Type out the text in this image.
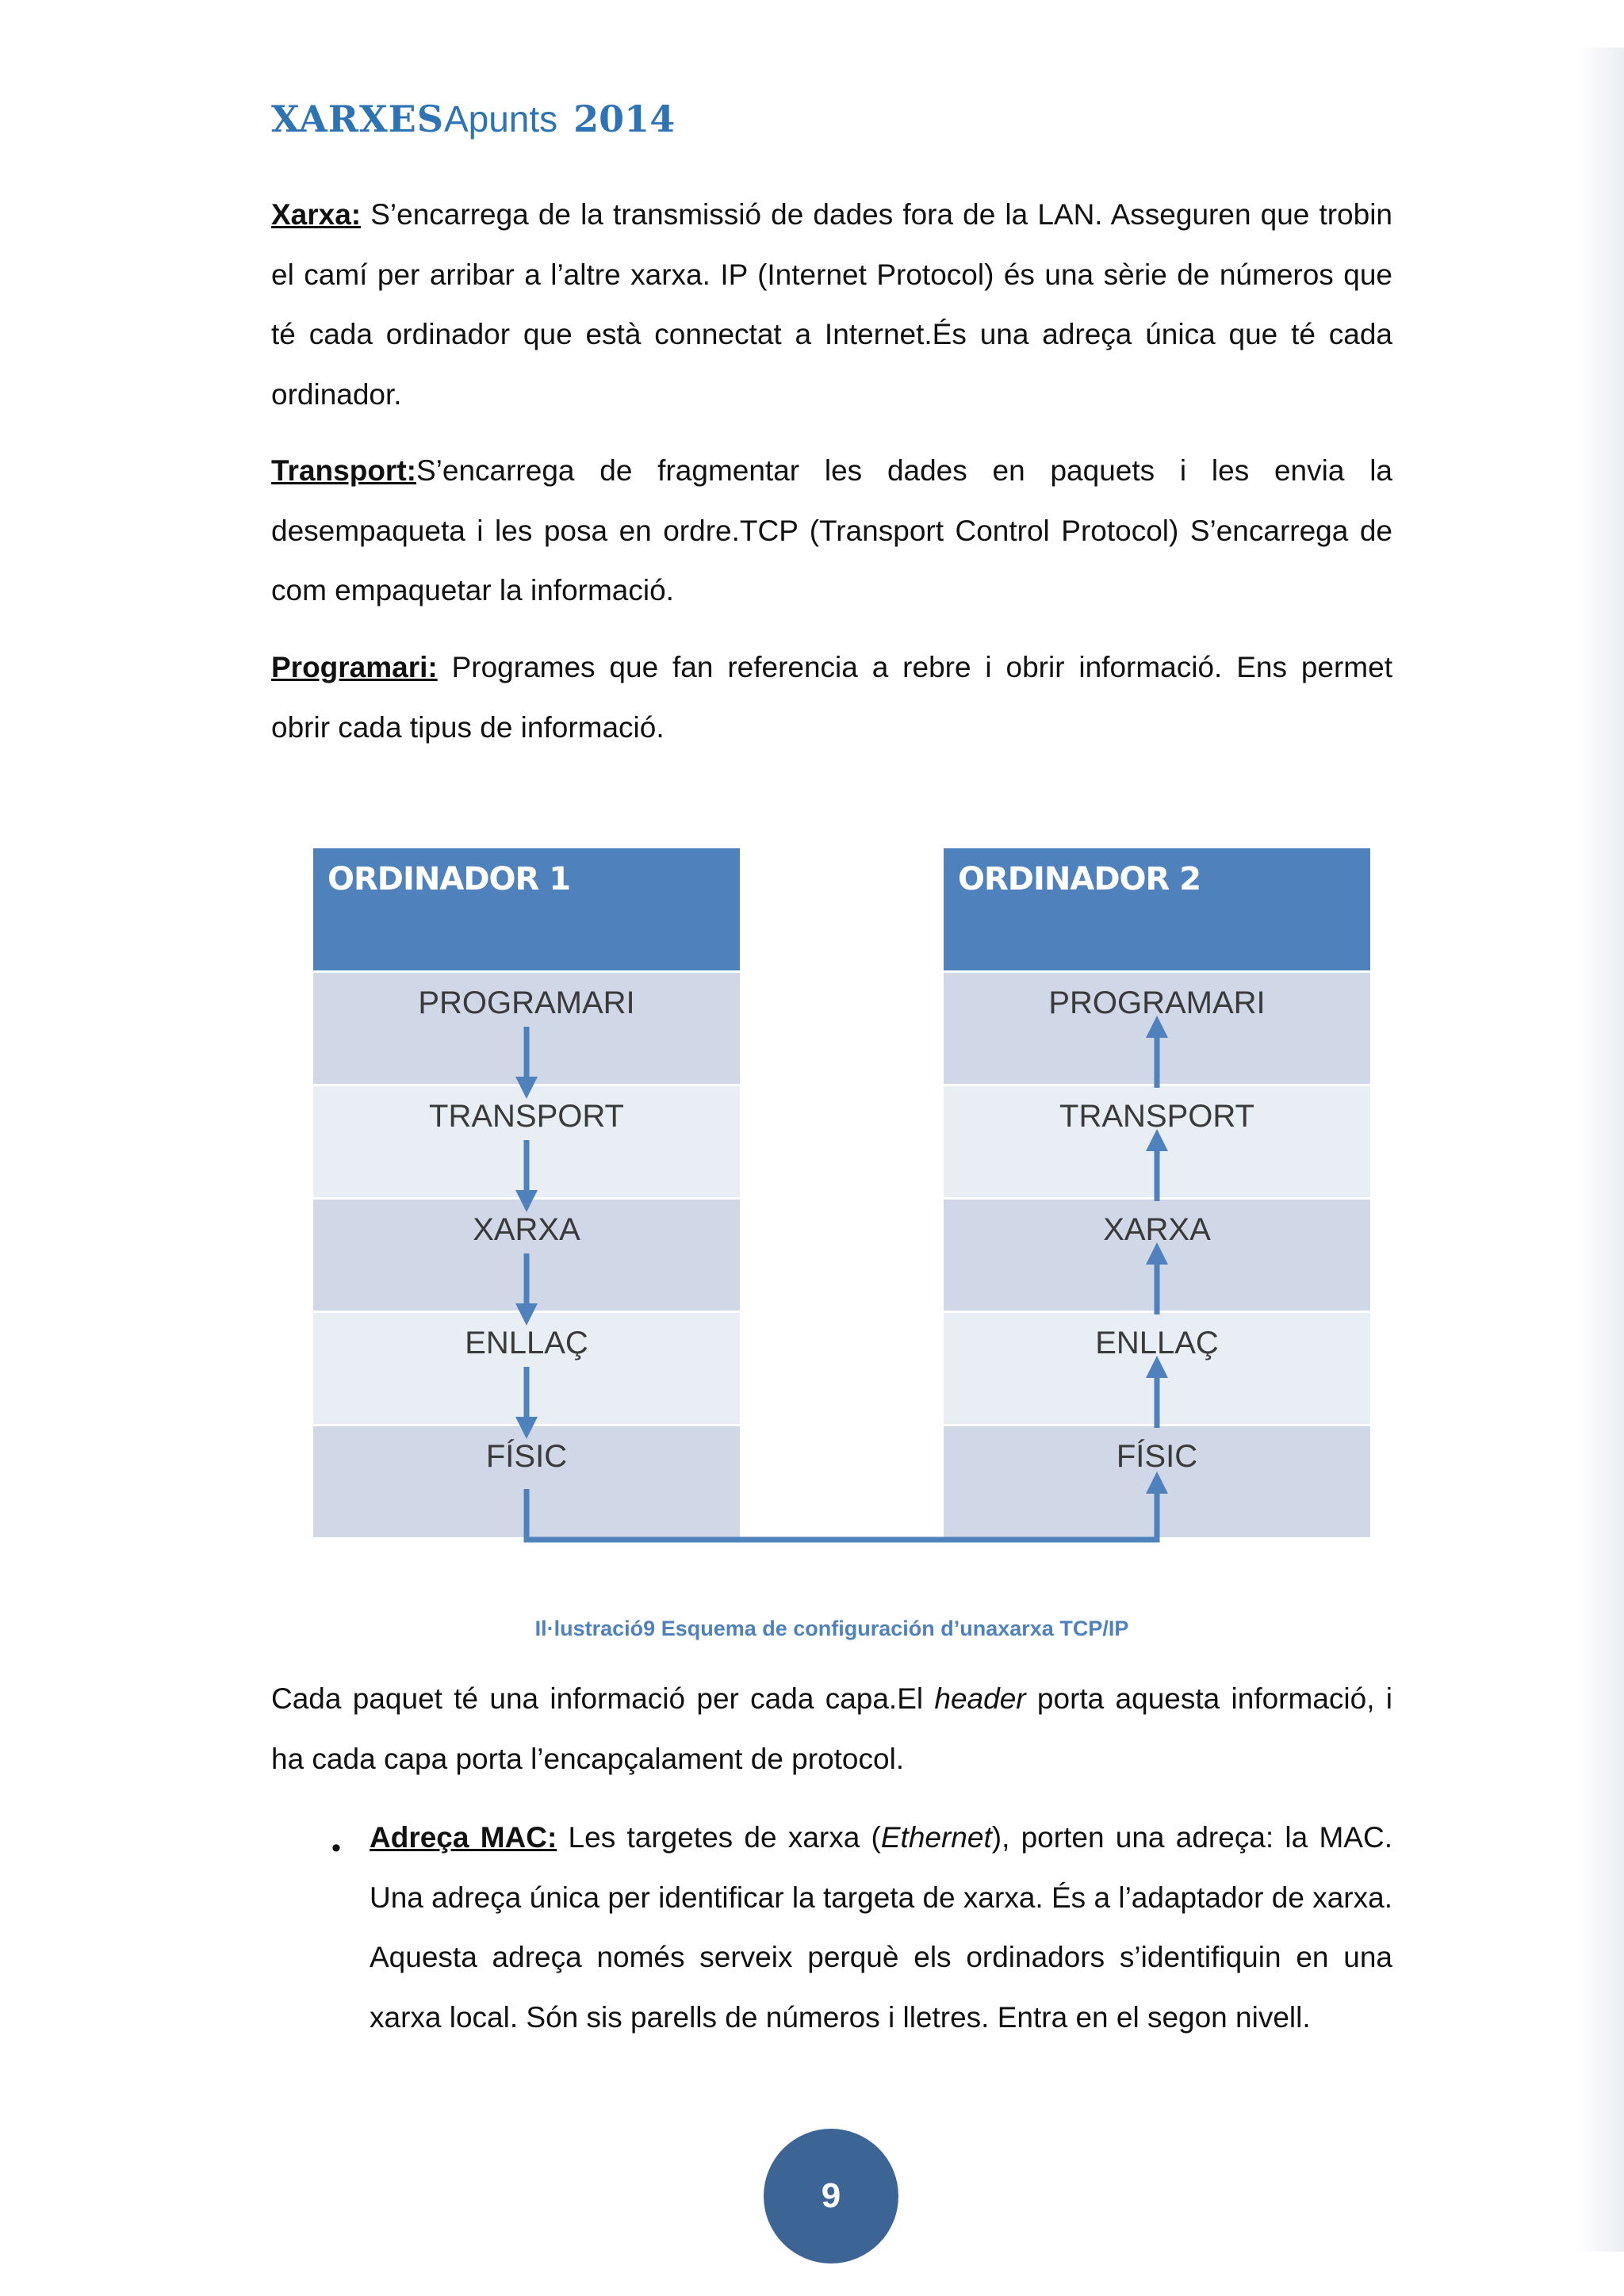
XARXESApunts 2014

Xarxa: S’encarrega de la transmissió de dades fora de la LAN. Asseguren que trobin el camí per arribar a l’altre xarxa. IP (Internet Protocol) és una sèrie de números que té cada ordinador que està connectat a Internet.És una adreça única que té cada ordinador.

Transport:S’encarrega de fragmentar les dades en paquets i les envia la desempaqueta i les posa en ordre.TCP (Transport Control Protocol) S’encarrega de com empaquetar la informació.

Programari: Programes que fan referencia a rebre i obrir informació. Ens permet obrir cada tipus de informació.

ORDINADOR 1
PROGRAMARI
TRANSPORT
XARXA
ENLLAÇ
FÍSIC
ORDINADOR 2
PROGRAMARI
TRANSPORT
XARXA
ENLLAÇ
FÍSIC
Il·lustració9 Esquema de configuración d’unaxarxa TCP/IP

Cada paquet té una informació per cada capa.El header porta aquesta informació, i ha cada capa porta l’encapçalament de protocol.

• Adreça MAC: Les targetes de xarxa (Ethernet), porten una adreça: la MAC. Una adreça única per identificar la targeta de xarxa. És a l’adaptador de xarxa. Aquesta adreça només serveix perquè els ordinadors s’identifiquin en una xarxa local. Són sis parells de números i lletres. Entra en el segon nivell.

9
